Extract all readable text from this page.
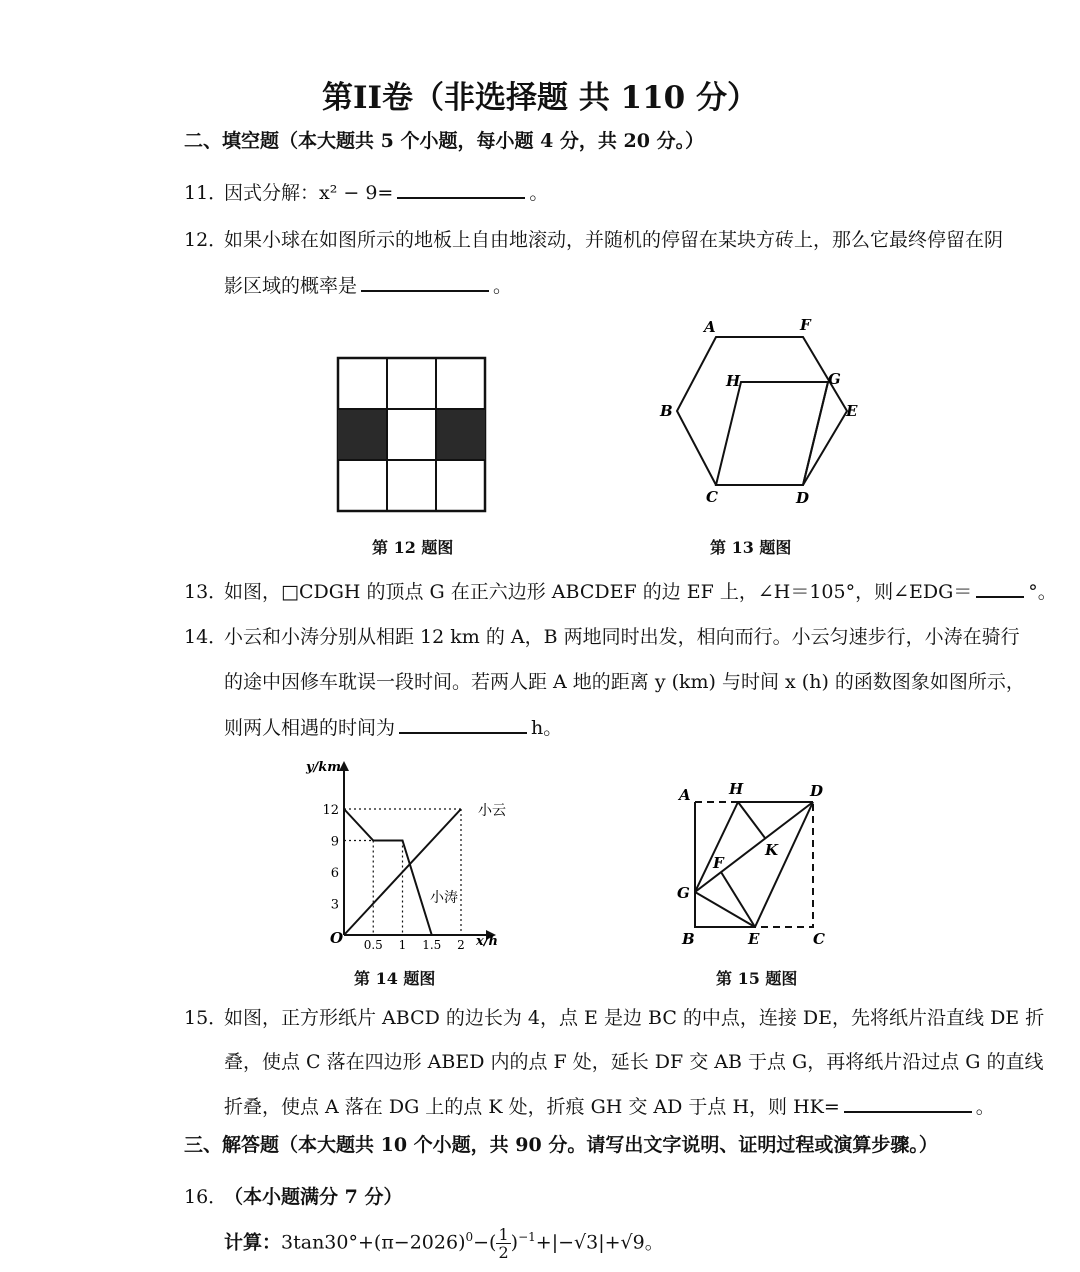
第II卷（非选择题 共 110 分）
二、填空题（本大题共 5 个小题，每小题 4 分，共 20 分。）
11．因式分解：x² − 9=	。
12．如果小球在如图所示的地板上自由地滚动，并随机的停留在某块方砖上，那么它最终停留在阴
影区域的概率是	。
第 12 题图
A	F
B	E
C	D
H	G
第 13 题图
13．如图，□CDGH 的顶点 G 在正六边形 ABCDEF 的边 EF 上，∠H＝105°，则∠EDG＝	°。
14．小云和小涛分别从相距 12 km 的 A，B 两地同时出发，相向而行。小云匀速步行，小涛在骑行
的途中因修车耽误一段时间。若两人距 A 地的距离 y (km) 与时间 x (h) 的函数图象如图所示，
则两人相遇的时间为	h。
0.5 1 1.5 2
3
6
9
12
y/km
x/h
O
小云
小涛
第 14 题图
A	H	D
F
K
G
B	E	C
第 15 题图
15．如图，正方形纸片 ABCD 的边长为 4，点 E 是边 BC 的中点，连接 DE，先将纸片沿直线 DE 折
叠，使点 C 落在四边形 ABED 内的点 F 处，延长 DF 交 AB 于点 G，再将纸片沿过点 G 的直线
折叠，使点 A 落在 DG 上的点 K 处，折痕 GH 交 AD 于点 H，则 HK=	。
三、解答题（本大题共 10 个小题，共 90 分。请写出文字说明、证明过程或演算步骤。）
16．（本小题满分 7 分）
计算：$3\tan 30^\circ+(\pi-2026)^0-( \frac{1}{2} )^{-1}+|-√3|+√9$。
